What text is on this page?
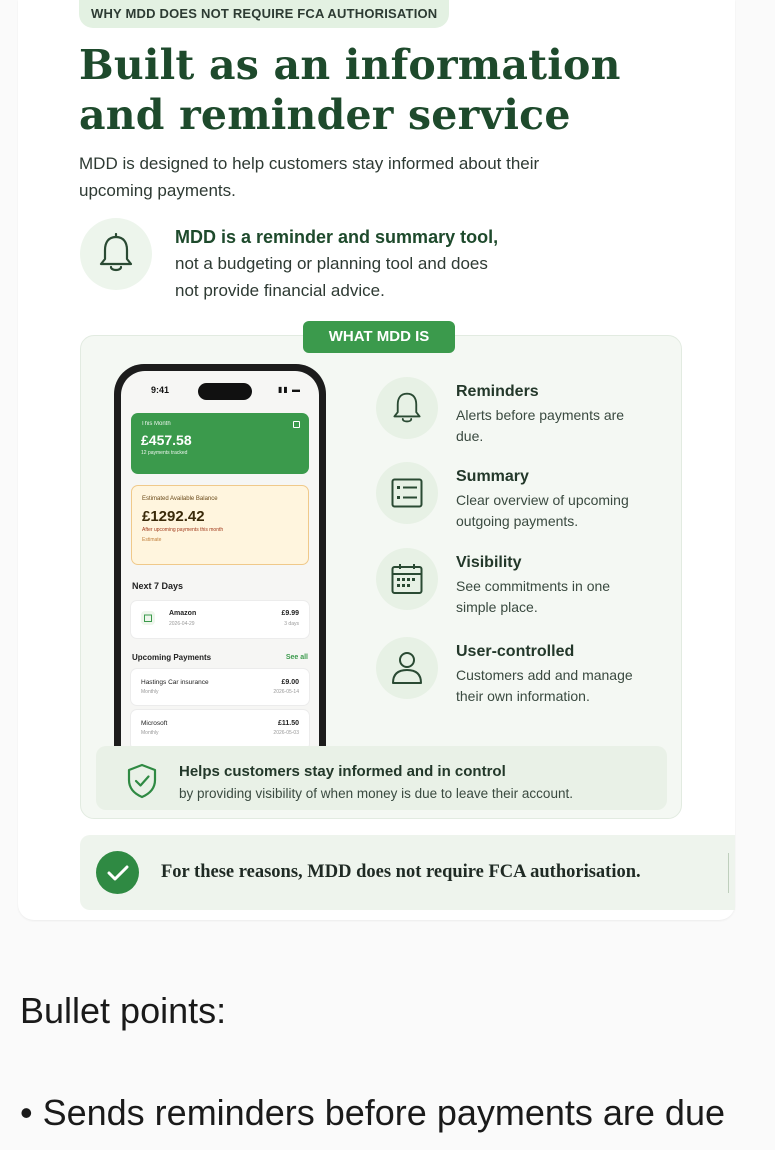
WHY MDD DOES NOT REQUIRE FCA AUTHORISATION
Built as an information
and reminder service

MDD is designed to help customers stay informed about their upcoming payments.

MDD is a reminder and summary tool,
not a budgeting or planning tool and does not provide financial advice.
WHAT MDD IS
9:41	▮▮ ▬
This Month
£457.58
12 payments tracked
Estimated Available Balance
£1292.42
After upcoming payments this month
Estimate
Next 7 Days
Amazon
2026-04-29
£9.99
3 days
Upcoming Payments	See all
Hastings Car insurance
Monthly
£9.00
2026-05-14
Microsoft
Monthly
£11.50
2026-05-03
Reminders
Alerts before payments are due.
Summary
Clear overview of upcoming outgoing payments.
Visibility
See commitments in one simple place.
User-controlled
Customers add and manage their own information.
Helps customers stay informed and in control
by providing visibility of when money is due to leave their account.
For these reasons, MDD does not require FCA authorisation.
Bullet points:
• Sends reminders before payments are due
